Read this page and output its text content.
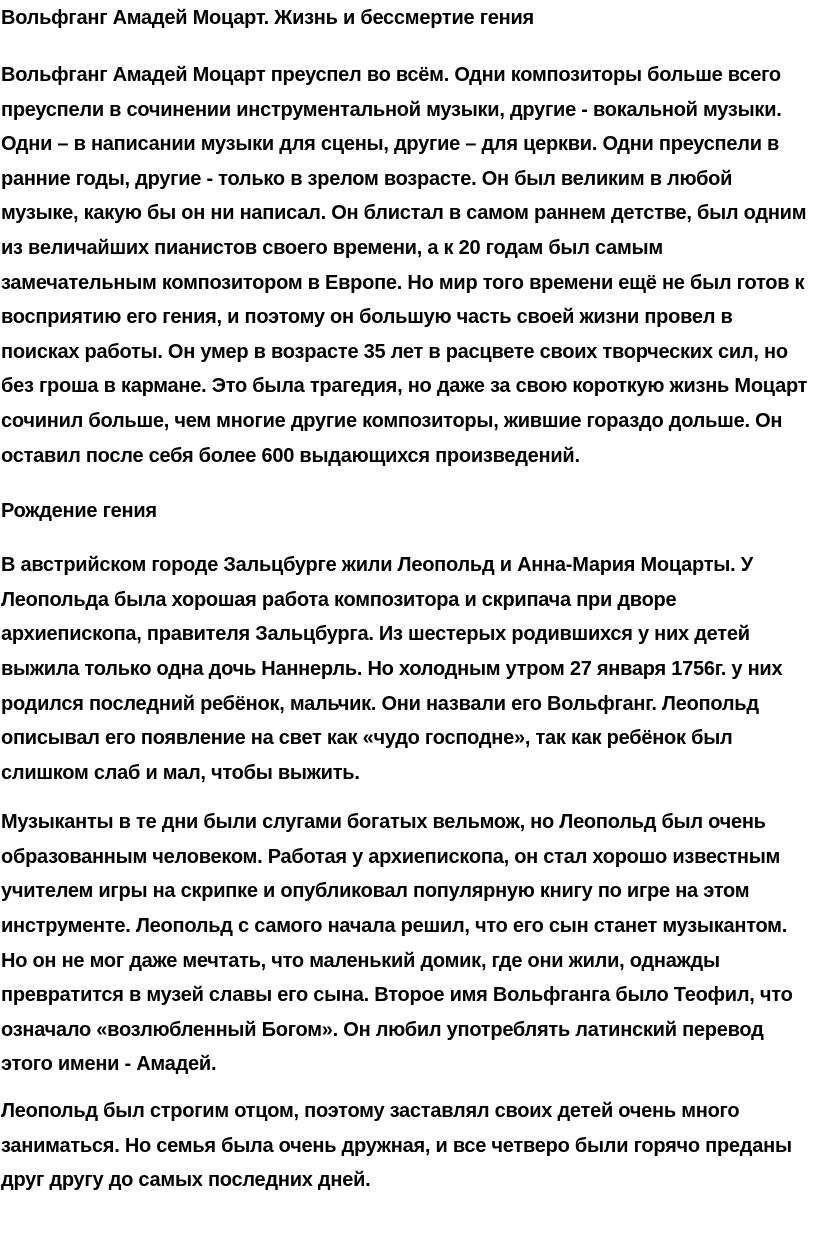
Вольфганг Амадей Моцарт. Жизнь и бессмертие гения

Вольфганг Амадей Моцарт преуспел во всём. Одни композиторы больше всего преуспели в сочинении инструментальной музыки, другие - вокальной музыки. Одни – в написании музыки для сцены, другие – для церкви. Одни преуспели в ранние годы, другие - только в зрелом возрасте. Он был великим в любой музыке, какую бы он ни написал. Он блистал в самом раннем детстве, был одним из величайших пианистов своего времени, а к 20 годам был самым замечательным композитором в Европе. Но мир того времени ещё не был готов к восприятию его гения, и поэтому он большую часть своей жизни провел в поисках работы. Он умер в возрасте 35 лет в расцвете своих творческих сил, но без гроша в кармане. Это была трагедия, но даже за свою короткую жизнь Моцарт сочинил больше, чем многие другие композиторы, жившие гораздо дольше. Он оставил после себя более 600 выдающихся произведений.

Рождение гения

В австрийском городе Зальцбурге жили Леопольд и Анна-Мария Моцарты. У Леопольда была хорошая работа композитора и скрипача при дворе архиепископа, правителя Зальцбурга. Из шестерых родившихся у них детей выжила только одна дочь Наннерль. Но холодным утром 27 января 1756г. у них родился последний ребёнок, мальчик. Они назвали его Вольфганг. Леопольд описывал его появление на свет как «чудо господне», так как ребёнок был слишком слаб и мал, чтобы выжить.

Музыканты в те дни были слугами богатых вельмож, но Леопольд был очень образованным человеком. Работая у архиепископа, он стал хорошо известным учителем игры на скрипке и опубликовал популярную книгу по игре на этом инструменте. Леопольд с самого начала решил, что его сын станет музыкантом. Но он не мог даже мечтать, что маленький домик, где они жили, однажды превратится в музей славы его сына. Второе имя Вольфганга было Теофил, что означало «возлюбленный Богом». Он любил употреблять латинский перевод этого имени - Амадей.

Леопольд был строгим отцом, поэтому заставлял своих детей очень много заниматься. Но семья была очень дружная, и все четверо были горячо преданы друг другу до самых последних дней.
